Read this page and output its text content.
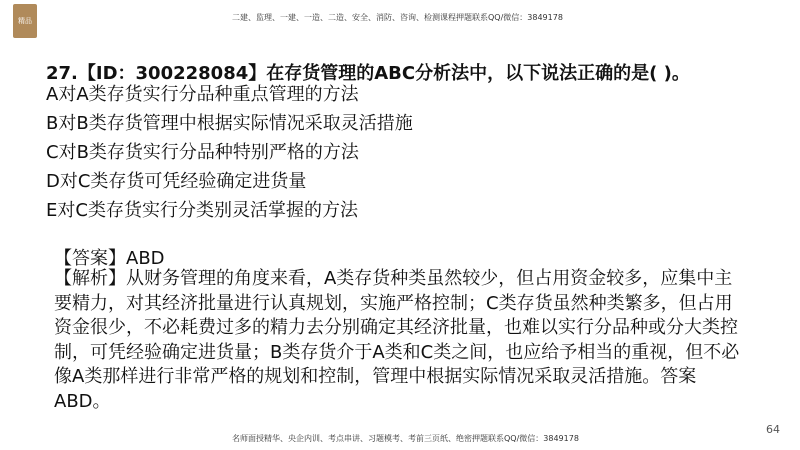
精品	二建、监理、一建、一造、二造、安全、消防、咨询、检测课程押题联系QQ/微信：3849178
27.【ID：300228084】在存货管理的ABC分析法中，以下说法正确的是( )。
A对A类存货实行分品种重点管理的方法
B对B类存货管理中根据实际情况采取灵活措施
C对B类存货实行分品种特别严格的方法
D对C类存货可凭经验确定进货量
E对C类存货实行分类别灵活掌握的方法
【答案】ABD
【解析】从财务管理的角度来看，A类存货种类虽然较少，但占用资金较多，应集中主要精力，对其经济批量进行认真规划，实施严格控制；C类存货虽然种类繁多，但占用资金很少，不必耗费过多的精力去分别确定其经济批量，也难以实行分品种或分大类控制，可凭经验确定进货量；B类存货介于A类和C类之间，也应给予相当的重视，但不必像A类那样进行非常严格的规划和控制，管理中根据实际情况采取灵活措施。答案ABD。
名师面授精华、央企内训、考点串讲、习题模考、考前三页纸、绝密押题联系QQ/微信：3849178
64
